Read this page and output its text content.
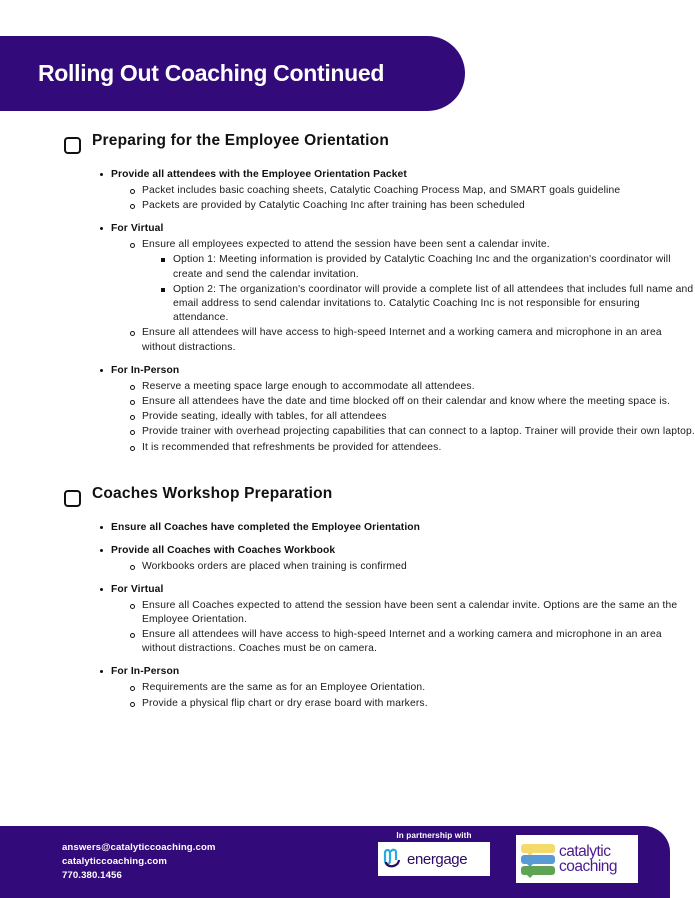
Rolling Out Coaching Continued
Preparing for the Employee Orientation
Provide all attendees with the Employee Orientation Packet
Packet includes basic coaching sheets, Catalytic Coaching Process Map, and SMART goals guideline
Packets are provided by Catalytic Coaching Inc after training has been scheduled
For Virtual
Ensure all employees expected to attend the session have been sent a calendar invite.
Option 1: Meeting information is provided by Catalytic Coaching Inc and the organization's coordinator will create and send the calendar invitation.
Option 2: The organization's coordinator will provide a complete list of all attendees that includes full name and email address to send calendar invitations to. Catalytic Coaching Inc is not responsible for ensuring attendance.
Ensure all attendees will have access to high-speed Internet and a working camera and microphone in an area without distractions.
For In-Person
Reserve a meeting space large enough to accommodate all attendees.
Ensure all attendees have the date and time blocked off on their calendar and know where the meeting space is.
Provide seating, ideally with tables, for all attendees
Provide trainer with overhead projecting capabilities that can connect to a laptop. Trainer will provide their own laptop.
It is recommended that refreshments be provided for attendees.
Coaches Workshop Preparation
Ensure all Coaches have completed the Employee Orientation
Provide all Coaches with Coaches Workbook
Workbooks orders are placed when training is confirmed
For Virtual
Ensure all Coaches expected to attend the session have been sent a calendar invite. Options are the same an the Employee Orientation.
Ensure all attendees will have access to high-speed Internet and a working camera and microphone in an area without distractions. Coaches must be on camera.
For In-Person
Requirements are the same as for an Employee Orientation.
Provide a physical flip chart or dry erase board with markers.
answers@catalyticcoaching.com
catalyticcoaching.com
770.380.1456
In partnership with
energage	catalytic
coaching
